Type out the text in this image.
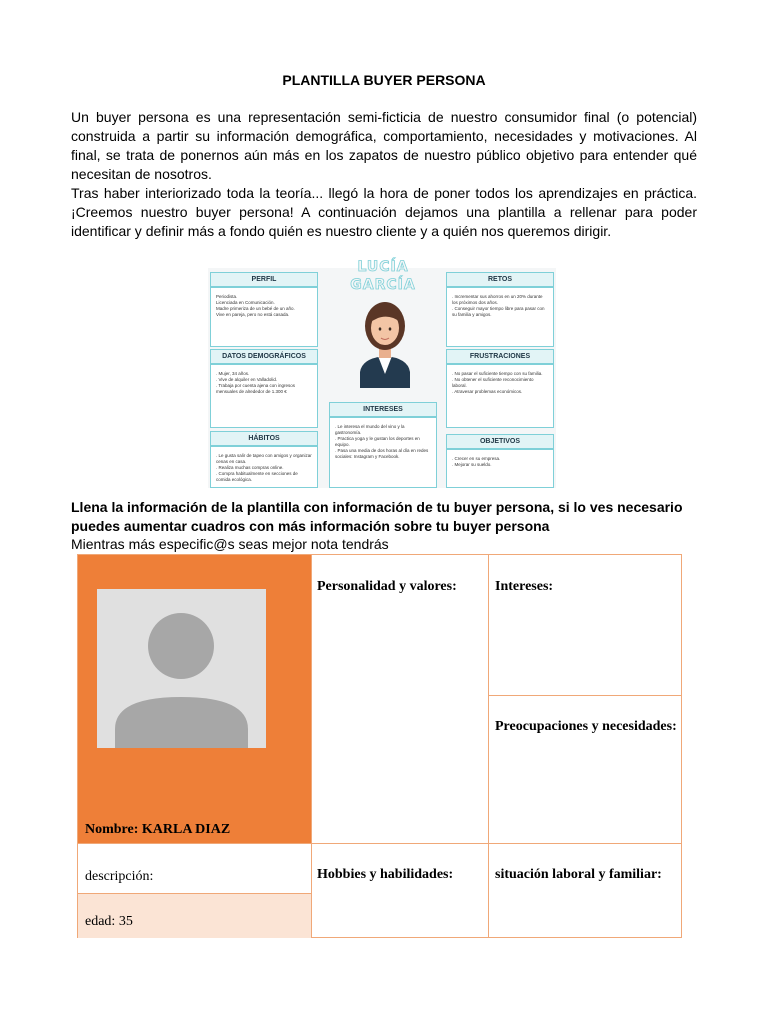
PLANTILLA BUYER PERSONA

Un buyer persona es una representación semi-ficticia de nuestro consumidor final (o potencial) construida a partir su información demográfica, comportamiento, necesidades y motivaciones. Al final, se trata de ponernos aún más en los zapatos de nuestro público objetivo para entender qué necesitan de nosotros.

Tras haber interiorizado toda la teoría... llegó la hora de poner todos los aprendizajes en práctica. ¡Creemos nuestro buyer persona! A continuación dejamos una plantilla a rellenar para poder identificar y definir más a fondo quién es nuestro cliente y a quién nos queremos dirigir.

PERFIL
Periodista.
Licenciada en Comunicación.
Madre primeriza de un bebé de un año.
Vive en pareja, pero no está casada.
DATOS DEMOGRÁFICOS
. Mujer, 34 años.
. Vive de alquiler en Valladolid.
. Trabaja por cuenta ajena con ingresos mensuales de alrededor de 1.300 €
HÁBITOS
. Le gusta salir de tapeo con amigos y organizar cenas en casa.
. Realiza muchas compras online.
. Compra habitualmente en secciones de comida ecológica.
LUCÍA GARCÍA
INTERESES
. Le interesa el mundo del vino y la gastronomía.
. Practica yoga y le gustan los deportes en equipo.
. Pasa una media de dos horas al día en redes sociales: Instagram y Facebook.
RETOS
. Incrementar sus ahorros en un 20% durante los próximos dos años.
. Conseguir mayor tiempo libre para pasar con su familia y amigos.
FRUSTRACIONES
. No pasar el suficiente tiempo con su familia.
. No obtener el suficiente reconocimiento laboral.
. Atravesar problemas económicos.
OBJETIVOS
. Crecer en su empresa.
. Mejorar su sueldo.
Llena la información de la plantilla con información de tu buyer persona, si lo ves necesario puedes aumentar cuadros con más información sobre tu buyer persona
Mientras más especific@s seas mejor nota tendrás
Nombre: KARLA DIAZ
Personalidad y valores:	Intereses:
Preocupaciones y necesidades:
descripción:	Hobbies y habilidades:	situación laboral y familiar:
edad: 35
